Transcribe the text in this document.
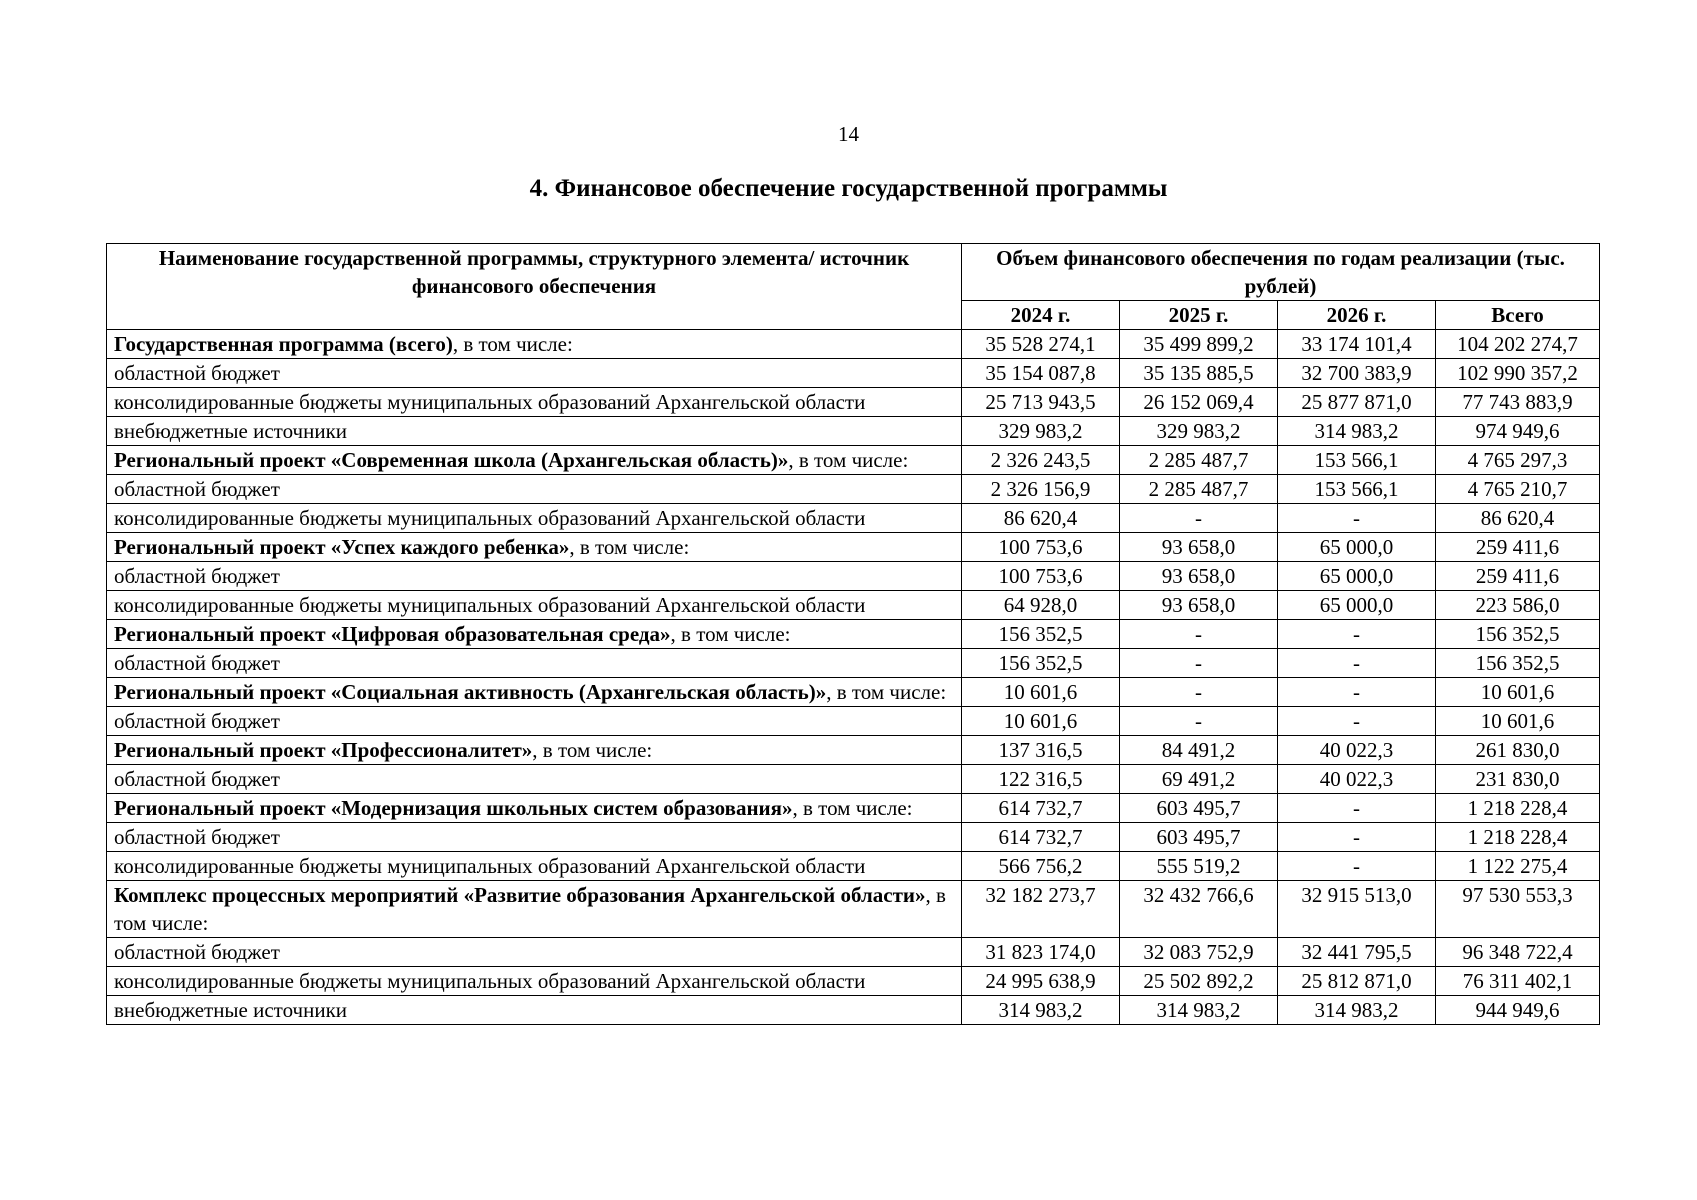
14
4. Финансовое обеспечение государственной программы
Наименование государственной программы, структурного элемента/ источник финансового обеспечения	Объем финансового обеспечения по годам реализации (тыс. рублей)			
	2024 г.	2025 г.	2026 г.	Всего
Государственная программа (всего), в том числе:	35 528 274,1	35 499 899,2	33 174 101,4	104 202 274,7
областной бюджет	35 154 087,8	35 135 885,5	32 700 383,9	102 990 357,2
консолидированные бюджеты муниципальных образований Архангельской области	25 713 943,5	26 152 069,4	25 877 871,0	77 743 883,9
внебюджетные источники	329 983,2	329 983,2	314 983,2	974 949,6
Региональный проект «Современная школа (Архангельская область)», в том числе:	2 326 243,5	2 285 487,7	153 566,1	4 765 297,3
областной бюджет	2 326 156,9	2 285 487,7	153 566,1	4 765 210,7
консолидированные бюджеты муниципальных образований Архангельской области	86 620,4	-	-	86 620,4
Региональный проект «Успех каждого ребенка», в том числе:	100 753,6	93 658,0	65 000,0	259 411,6
областной бюджет	100 753,6	93 658,0	65 000,0	259 411,6
консолидированные бюджеты муниципальных образований Архангельской области	64 928,0	93 658,0	65 000,0	223 586,0
Региональный проект «Цифровая образовательная среда», в том числе:	156 352,5	-	-	156 352,5
областной бюджет	156 352,5	-	-	156 352,5
Региональный проект «Социальная активность (Архангельская область)», в том числе:	10 601,6	-	-	10 601,6
областной бюджет	10 601,6	-	-	10 601,6
Региональный проект «Профессионалитет», в том числе:	137 316,5	84 491,2	40 022,3	261 830,0
областной бюджет	122 316,5	69 491,2	40 022,3	231 830,0
Региональный проект «Модернизация школьных систем образования», в том числе:	614 732,7	603 495,7	-	1 218 228,4
областной бюджет	614 732,7	603 495,7	-	1 218 228,4
консолидированные бюджеты муниципальных образований Архангельской области	566 756,2	555 519,2	-	1 122 275,4
Комплекс процессных мероприятий «Развитие образования Архангельской области», в том числе:	32 182 273,7	32 432 766,6	32 915 513,0	97 530 553,3
областной бюджет	31 823 174,0	32 083 752,9	32 441 795,5	96 348 722,4
консолидированные бюджеты муниципальных образований Архангельской области	24 995 638,9	25 502 892,2	25 812 871,0	76 311 402,1
внебюджетные источники	314 983,2	314 983,2	314 983,2	944 949,6
